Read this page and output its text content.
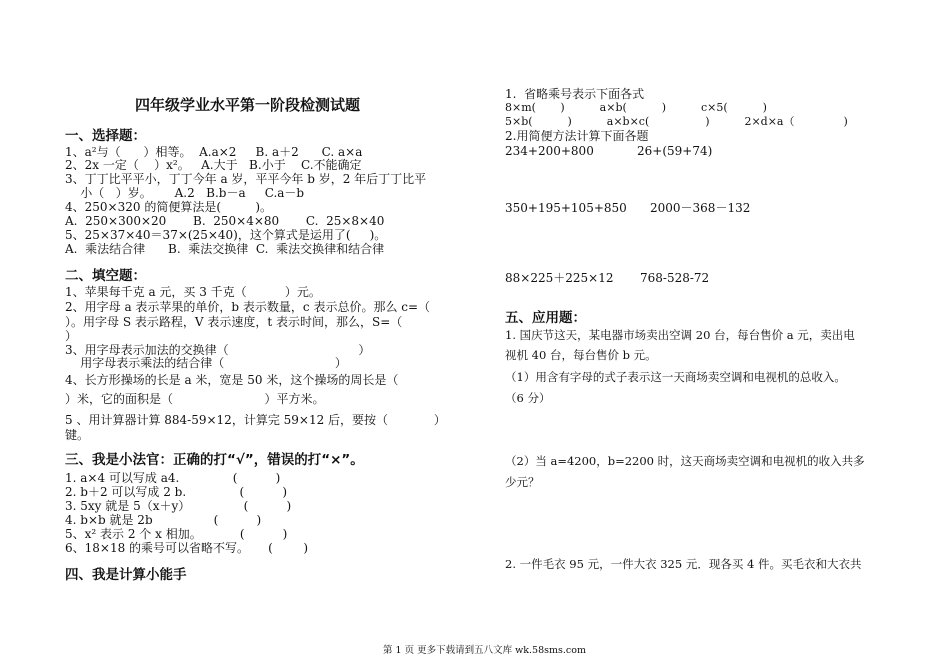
四年级学业水平第一阶段检测试题
一、选择题：
1、a²与（      ）相等。  A.a×2     B. a＋2      C. a×a
2、2x 一定（    ）x²。   A.大于   B.小于    C.不能确定
3、丁丁比平平小，丁丁今年 a 岁，平平今年 b 岁，2 年后丁丁比平
小（   ）岁。      A.2   B.b－a     C.a－b
4、250×320 的简便算法是(         )。
A.  250×300×20       B.  250×4×80       C.  25×8×40
5、25×37×40＝37×(25×40)，这个算式是运用了(     )。
A.  乘法结合律      B.  乘法交换律  C.  乘法交换律和结合律
二、填空题：
1、苹果每千克 a 元，买 3 千克（          ）元。
2、用字母 a 表示苹果的单价，b 表示数量，c 表示总价。那么 c=（
）。用字母 S 表示路程，V 表示速度，t 表示时间，那么，S=（
）
3、用字母表示加法的交换律（                                  ）
用字母表示乘法的结合律（                             ）
4、长方形操场的长是 a 米，宽是 50 米，这个操场的周长是（
）米，它的面积是（                        ）平方米。
5 、用计算器计算 884-59×12，计算完 59×12 后，要按（            ）
键。
三、我是小法官：正确的打“√”，错误的打“×”。
1. a×4 可以写成 a4.              (          )
2. b＋2 可以写成 2 b.              (          )
3. 5xy 就是 5（x＋y）              (          )
4. b×b 就是 2b                (          )
5、x² 表示 2 个 x 相加。          (          )
6、18×18 的乘号可以省略不写。     (        )
四、我是计算小能手
1.  省略乘号表示下面各式
8×m(       )          a×b(          )          c×5(          )
5×b(          )          a×b×c(                )          2×d×a（              )
2.用简便方法计算下面各题
234+200+800	26+(59+74)
350+195+105+850 2000－368－132
88×225＋225×12 768-528-72
五、应用题：
1. 国庆节这天，某电器市场卖出空调 20 台，每台售价 a 元，卖出电
视机 40 台，每台售价 b 元。
（1）用含有字母的式子表示这一天商场卖空调和电视机的总收入。
（6 分）
（2）当 a=4200，b=2200 时，这天商场卖空调和电视机的收入共多
少元？
2. 一件毛衣 95 元，一件大衣 325 元．现各买 4 件。买毛衣和大衣共
第 1 页 更多下载请到五八文库 wk.58sms.com
